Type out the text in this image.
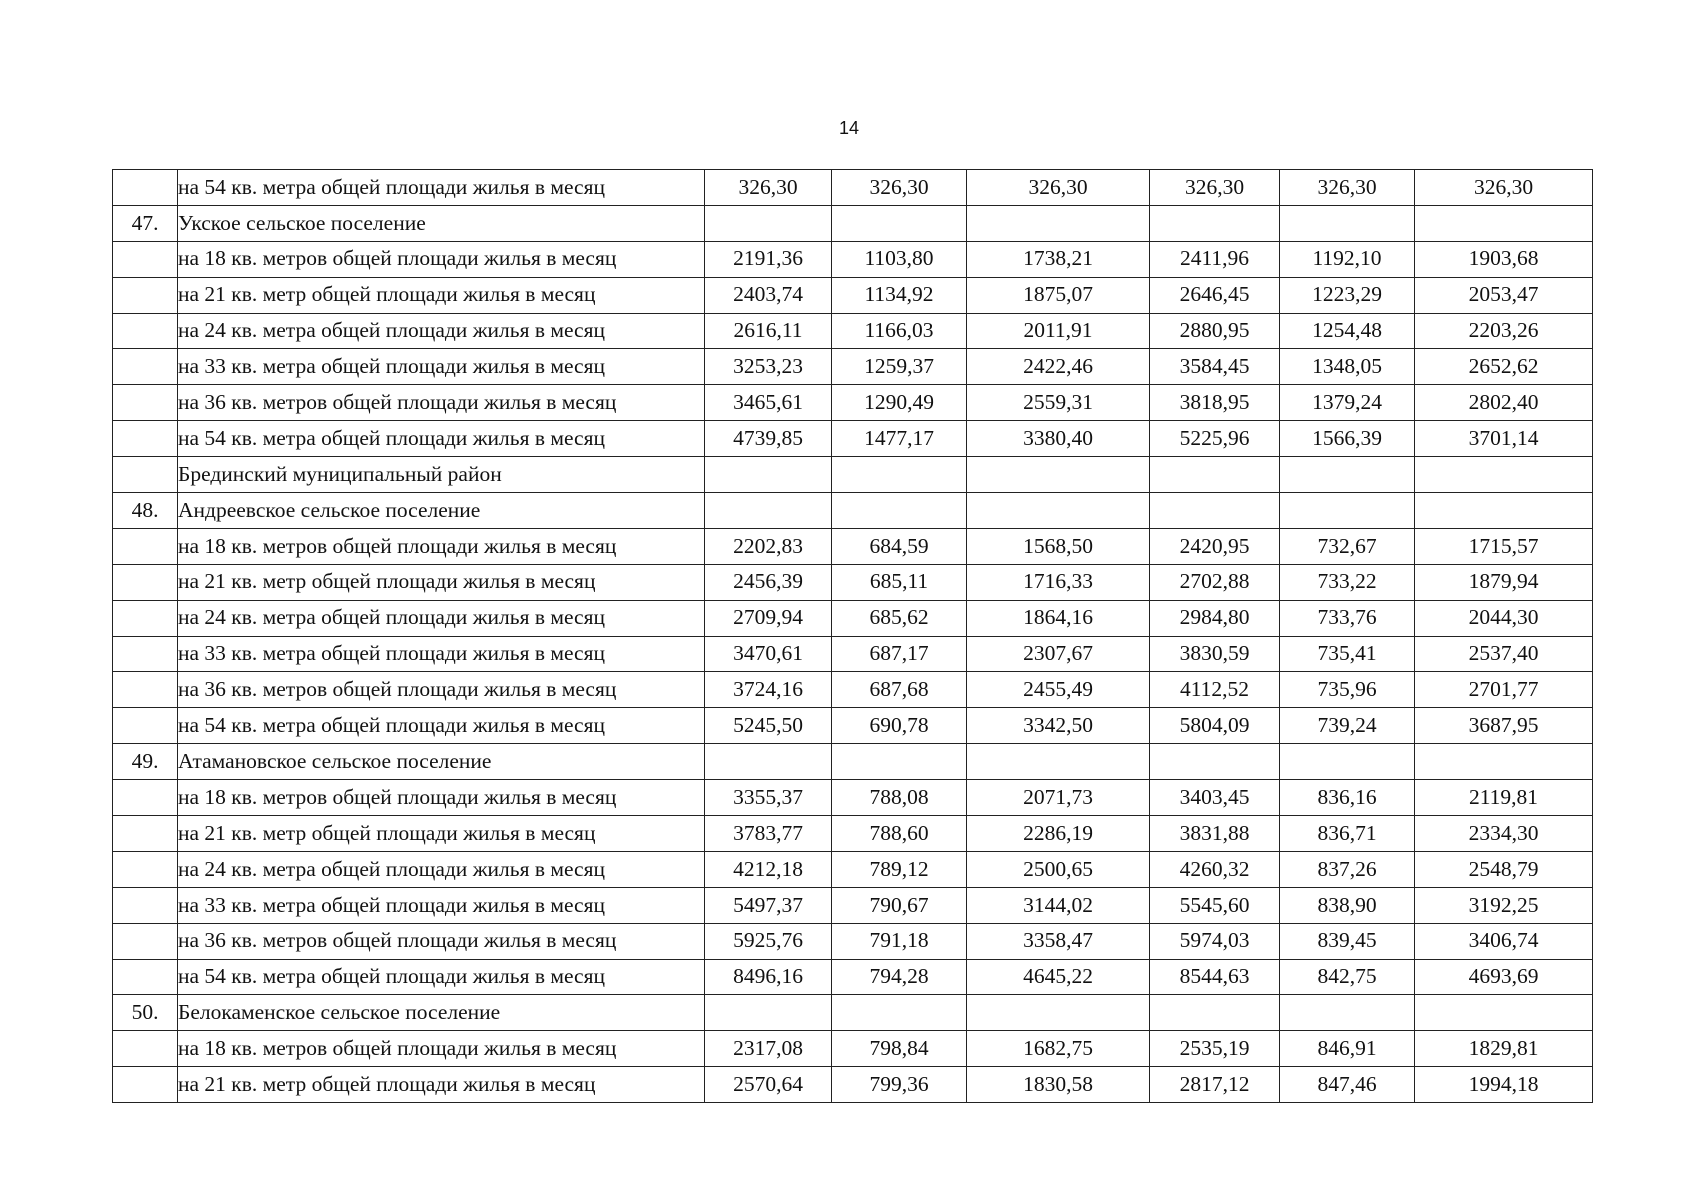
14
	на 54 кв. метра общей площади жилья в месяц	326,30	326,30	326,30	326,30	326,30	326,30
47.	Укское сельское поселение						
	на 18 кв. метров общей площади жилья в месяц	2191,36	1103,80	1738,21	2411,96	1192,10	1903,68
	на 21 кв. метр общей площади жилья в месяц	2403,74	1134,92	1875,07	2646,45	1223,29	2053,47
	на 24 кв. метра общей площади жилья в месяц	2616,11	1166,03	2011,91	2880,95	1254,48	2203,26
	на 33 кв. метра общей площади жилья в месяц	3253,23	1259,37	2422,46	3584,45	1348,05	2652,62
	на 36 кв. метров общей площади жилья в месяц	3465,61	1290,49	2559,31	3818,95	1379,24	2802,40
	на 54 кв. метра общей площади жилья в месяц	4739,85	1477,17	3380,40	5225,96	1566,39	3701,14
	Брединский муниципальный район						
48.	Андреевское сельское поселение						
	на 18 кв. метров общей площади жилья в месяц	2202,83	684,59	1568,50	2420,95	732,67	1715,57
	на 21 кв. метр общей площади жилья в месяц	2456,39	685,11	1716,33	2702,88	733,22	1879,94
	на 24 кв. метра общей площади жилья в месяц	2709,94	685,62	1864,16	2984,80	733,76	2044,30
	на 33 кв. метра общей площади жилья в месяц	3470,61	687,17	2307,67	3830,59	735,41	2537,40
	на 36 кв. метров общей площади жилья в месяц	3724,16	687,68	2455,49	4112,52	735,96	2701,77
	на 54 кв. метра общей площади жилья в месяц	5245,50	690,78	3342,50	5804,09	739,24	3687,95
49.	Атамановское сельское поселение						
	на 18 кв. метров общей площади жилья в месяц	3355,37	788,08	2071,73	3403,45	836,16	2119,81
	на 21 кв. метр общей площади жилья в месяц	3783,77	788,60	2286,19	3831,88	836,71	2334,30
	на 24 кв. метра общей площади жилья в месяц	4212,18	789,12	2500,65	4260,32	837,26	2548,79
	на 33 кв. метра общей площади жилья в месяц	5497,37	790,67	3144,02	5545,60	838,90	3192,25
	на 36 кв. метров общей площади жилья в месяц	5925,76	791,18	3358,47	5974,03	839,45	3406,74
	на 54 кв. метра общей площади жилья в месяц	8496,16	794,28	4645,22	8544,63	842,75	4693,69
50.	Белокаменское сельское поселение						
	на 18 кв. метров общей площади жилья в месяц	2317,08	798,84	1682,75	2535,19	846,91	1829,81
	на 21 кв. метр общей площади жилья в месяц	2570,64	799,36	1830,58	2817,12	847,46	1994,18
